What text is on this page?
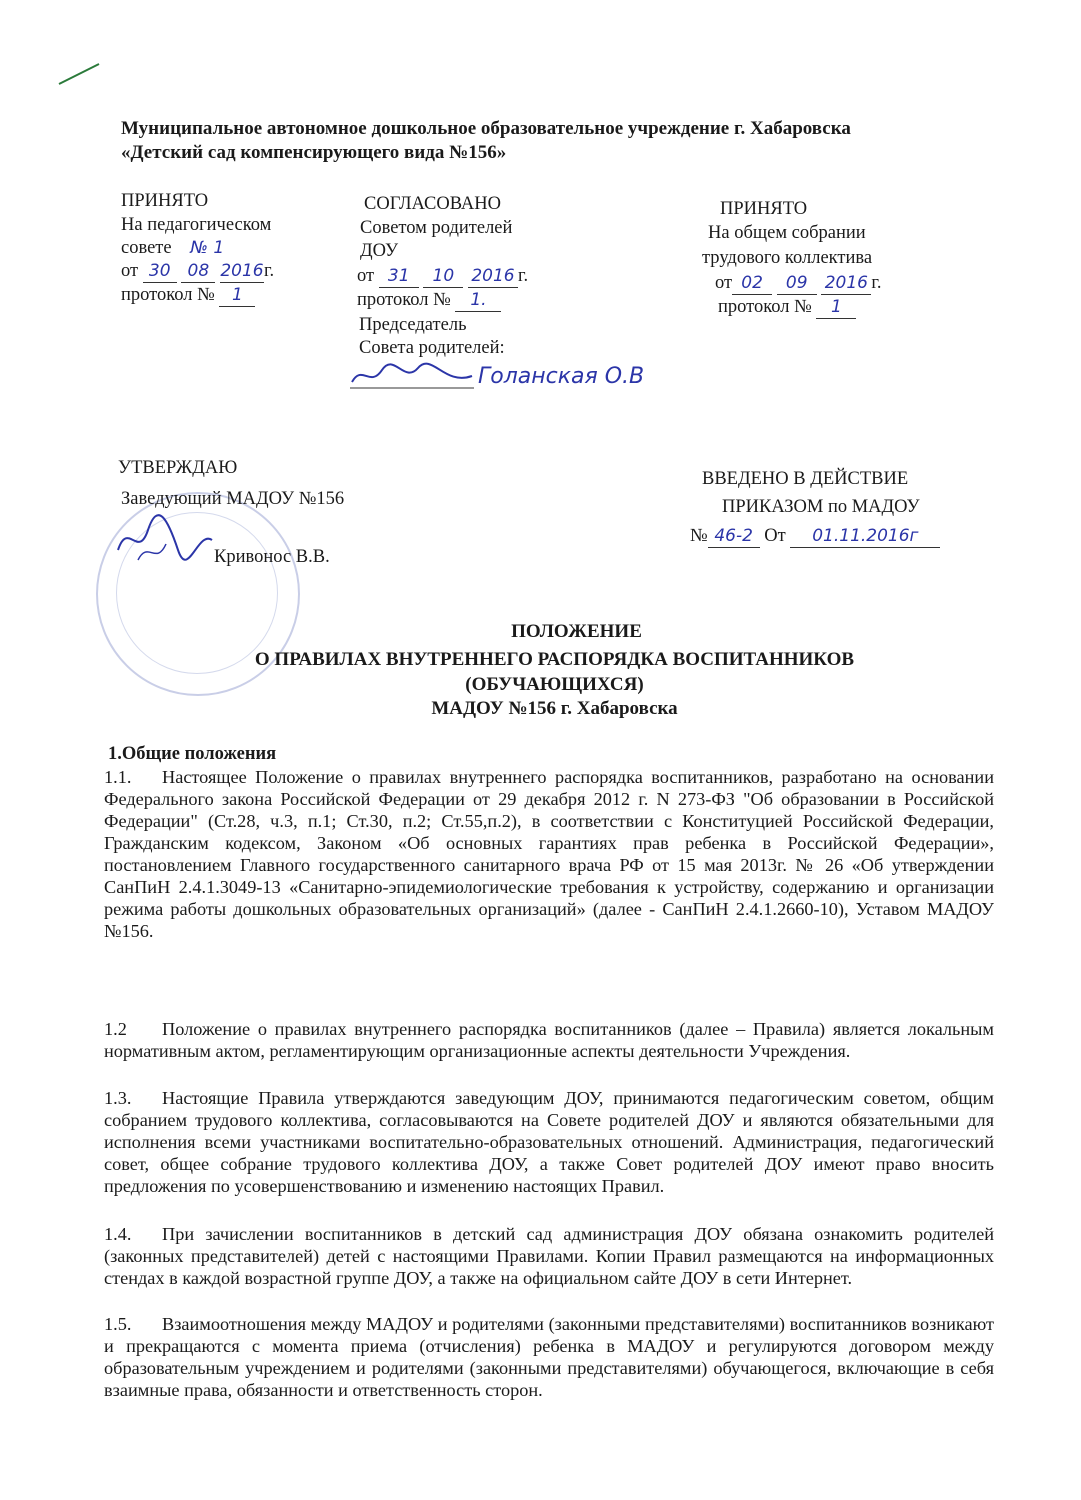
Муниципальное автономное дошкольное образовательное учреждение г. Хабаровска
«Детский сад компенсирующего вида №156»
ПРИНЯТО
На педагогическом
совете № 1
от 30 08 2016г.
протокол № 1
СОГЛАСОВАНО
Советом родителей
ДОУ
от 31 10 2016 г.
протокол № 1.
Председатель
Совета родителей:
Голанская О.В
ПРИНЯТО
На общем собрании
трудового коллектива
от 02 09 2016 г.
протокол № 1
УТВЕРЖДАЮ
Заведующий МАДОУ №156
Кривонос В.В.
ВВЕДЕНО В ДЕЙСТВИЕ
ПРИКАЗОМ по МАДОУ
№ 46-2 От 01.11.2016г
ПОЛОЖЕНИЕ
О ПРАВИЛАХ ВНУТРЕННЕГО РАСПОРЯДКА ВОСПИТАННИКОВ
(ОБУЧАЮЩИХСЯ)
МАДОУ №156 г. Хабаровска
1.Общие положения
1.1. Настоящее Положение о правилах внутреннего распорядка воспитанников, разработано на основании Федерального закона Российской Федерации от 29 декабря 2012 г. N 273-ФЗ "Об образовании в Российской Федерации" (Ст.28, ч.3, п.1; Ст.30, п.2; Ст.55,п.2), в соответствии с Конституцией Российской Федерации, Гражданским кодексом, Законом «Об основных гарантиях прав ребенка в Российской Федерации», постановлением Главного государственного санитарного врача РФ от 15 мая 2013г. № 26 «Об утверждении СанПиН 2.4.1.3049-13 «Санитарно-эпидемиологические требования к устройству, содержанию и организации режима работы дошкольных образовательных организаций» (далее - СанПиН 2.4.1.2660-10), Уставом МАДОУ №156.
1.2 Положение о правилах внутреннего распорядка воспитанников (далее – Правила) является локальным нормативным актом, регламентирующим организационные аспекты деятельности Учреждения.
1.3. Настоящие Правила утверждаются заведующим ДОУ, принимаются педагогическим советом, общим собранием трудового коллектива, согласовываются на Совете родителей ДОУ и являются обязательными для исполнения всеми участниками воспитательно-образовательных отношений. Администрация, педагогический совет, общее собрание трудового коллектива ДОУ, а также Совет родителей ДОУ имеют право вносить предложения по усовершенствованию и изменению настоящих Правил.
1.4. При зачислении воспитанников в детский сад администрация ДОУ обязана ознакомить родителей (законных представителей) детей с настоящими Правилами. Копии Правил размещаются на информационных стендах в каждой возрастной группе ДОУ, а также на официальном сайте ДОУ в сети Интернет.
1.5. Взаимоотношения между МАДОУ и родителями (законными представителями) воспитанников возникают и прекращаются с момента приема (отчисления) ребенка в МАДОУ и регулируются договором между образовательным учреждением и родителями (законными представителями) обучающегося, включающие в себя взаимные права, обязанности и ответственность сторон.
